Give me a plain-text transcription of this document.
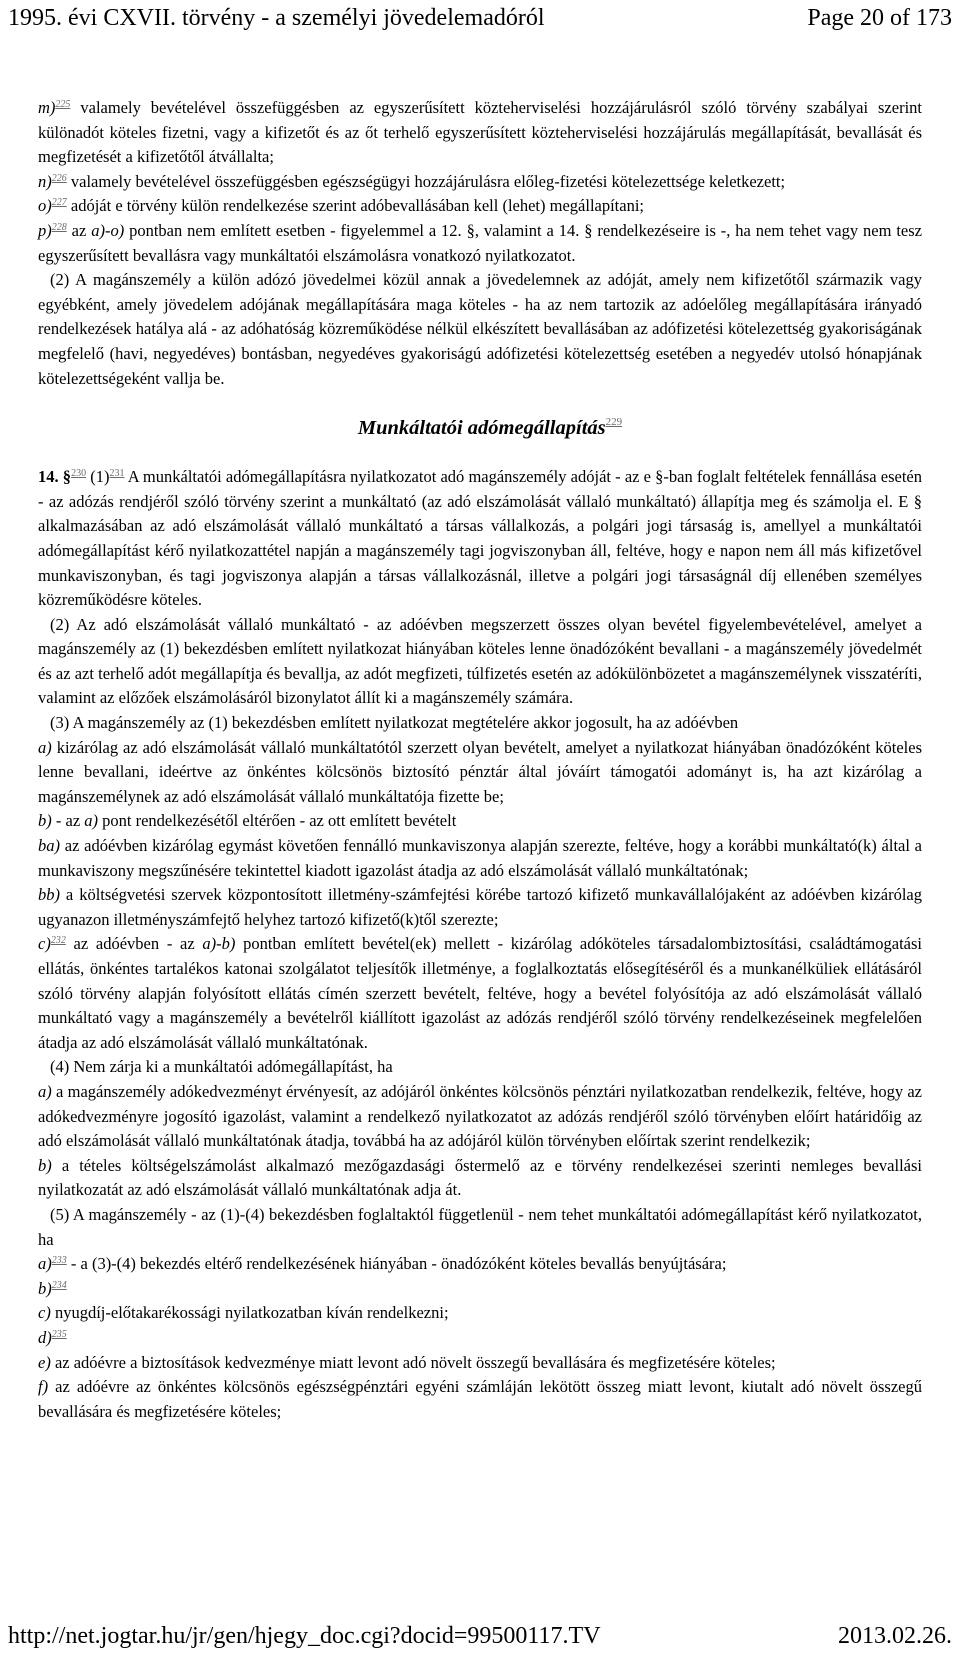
1995. évi CXVII. törvény - a személyi jövedelemadóról	Page 20 of 173

m)$^{225}$ valamely bevételével összefüggésben az egyszerűsített közteherviselési hozzájárulásról szóló törvény szabályai szerint különadót köteles fizetni, vagy a kifizetőt és az őt terhelő egyszerűsített közteherviselési hozzájárulás megállapítását, bevallását és megfizetését a kifizetőtől átvállalta;

n)$^{226}$ valamely bevételével összefüggésben egészségügyi hozzájárulásra előleg-fizetési kötelezettsége keletkezett;

o)$^{227}$ adóját e törvény külön rendelkezése szerint adóbevallásában kell (lehet) megállapítani;

p)$^{228}$ az a)-o) pontban nem említett esetben - figyelemmel a 12. §, valamint a 14. § rendelkezéseire is -, ha nem tehet vagy nem tesz egyszerűsített bevallásra vagy munkáltatói elszámolásra vonatkozó nyilatkozatot.

(2) A magánszemély a külön adózó jövedelmei közül annak a jövedelemnek az adóját, amely nem kifizetőtől származik vagy egyébként, amely jövedelem adójának megállapítására maga köteles - ha az nem tartozik az adóelőleg megállapítására irányadó rendelkezések hatálya alá - az adóhatóság közreműködése nélkül elkészített bevallásában az adófizetési kötelezettség gyakoriságának megfelelő (havi, negyedéves) bontásban, negyedéves gyakoriságú adófizetési kötelezettség esetében a negyedév utolsó hónapjának kötelezettségeként vallja be.

Munkáltatói adómegállapítás$^{229}$

14. §$^{230}$ $(1)^{231}$ A munkáltatói adómegállapításra nyilatkozatot adó magánszemély adóját - az e §-ban foglalt feltételek fennállása esetén - az adózás rendjéről szóló törvény szerint a munkáltató (az adó elszámolását vállaló munkáltató) állapítja meg és számolja el. E § alkalmazásában az adó elszámolását vállaló munkáltató a társas vállalkozás, a polgári jogi társaság is, amellyel a munkáltatói adómegállapítást kérő nyilatkozattétel napján a magánszemély tagi jogviszonyban áll, feltéve, hogy e napon nem áll más kifizetővel munkaviszonyban, és tagi jogviszonya alapján a társas vállalkozásnál, illetve a polgári jogi társaságnál díj ellenében személyes közreműködésre köteles.

(2) Az adó elszámolását vállaló munkáltató - az adóévben megszerzett összes olyan bevétel figyelembevételével, amelyet a magánszemély az (1) bekezdésben említett nyilatkozat hiányában köteles lenne önadózóként bevallani - a magánszemély jövedelmét és az azt terhelő adót megállapítja és bevallja, az adót megfizeti, túlfizetés esetén az adókülönbözetet a magánszemélynek visszatéríti, valamint az előzőek elszámolásáról bizonylatot állít ki a magánszemély számára.

(3) A magánszemély az (1) bekezdésben említett nyilatkozat megtételére akkor jogosult, ha az adóévben

a) kizárólag az adó elszámolását vállaló munkáltatótól szerzett olyan bevételt, amelyet a nyilatkozat hiányában önadózóként köteles lenne bevallani, ideértve az önkéntes kölcsönös biztosító pénztár által jóváírt támogatói adományt is, ha azt kizárólag a magánszemélynek az adó elszámolását vállaló munkáltatója fizette be;

b) - az a) pont rendelkezésétől eltérően - az ott említett bevételt

ba) az adóévben kizárólag egymást követően fennálló munkaviszonya alapján szerezte, feltéve, hogy a korábbi munkáltató(k) által a munkaviszony megszűnésére tekintettel kiadott igazolást átadja az adó elszámolását vállaló munkáltatónak;

bb) a költségvetési szervek központosított illetmény-számfejtési körébe tartozó kifizető munkavállalójaként az adóévben kizárólag ugyanazon illetményszámfejtő helyhez tartozó kifizető(k)től szerezte;

c)$^{232}$ az adóévben - az a)-b) pontban említett bevétel(ek) mellett - kizárólag adóköteles társadalombiztosítási, családtámogatási ellátás, önkéntes tartalékos katonai szolgálatot teljesítők illetménye, a foglalkoztatás elősegítéséről és a munkanélküliek ellátásáról szóló törvény alapján folyósított ellátás címén szerzett bevételt, feltéve, hogy a bevétel folyósítója az adó elszámolását vállaló munkáltató vagy a magánszemély a bevételről kiállított igazolást az adózás rendjéről szóló törvény rendelkezéseinek megfelelően átadja az adó elszámolását vállaló munkáltatónak.

(4) Nem zárja ki a munkáltatói adómegállapítást, ha

a) a magánszemély adókedvezményt érvényesít, az adójáról önkéntes kölcsönös pénztári nyilatkozatban rendelkezik, feltéve, hogy az adókedvezményre jogosító igazolást, valamint a rendelkező nyilatkozatot az adózás rendjéről szóló törvényben előírt határidőig az adó elszámolását vállaló munkáltatónak átadja, továbbá ha az adójáról külön törvényben előírtak szerint rendelkezik;

b) a tételes költségelszámolást alkalmazó mezőgazdasági őstermelő az e törvény rendelkezései szerinti nemleges bevallási nyilatkozatát az adó elszámolását vállaló munkáltatónak adja át.

(5) A magánszemély - az (1)-(4) bekezdésben foglaltaktól függetlenül - nem tehet munkáltatói adómegállapítást kérő nyilatkozatot, ha

a)$^{233}$ - a (3)-(4) bekezdés eltérő rendelkezésének hiányában - önadózóként köteles bevallás benyújtására;

b)$^{234}$

c) nyugdíj-előtakarékossági nyilatkozatban kíván rendelkezni;

d)$^{235}$

e) az adóévre a biztosítások kedvezménye miatt levont adó növelt összegű bevallására és megfizetésére köteles;

f) az adóévre az önkéntes kölcsönös egészségpénztári egyéni számláján lekötött összeg miatt levont, kiutalt adó növelt összegű bevallására és megfizetésére köteles;

http://net.jogtar.hu/jr/gen/hjegy_doc.cgi?docid=99500117.TV	2013.02.26.
